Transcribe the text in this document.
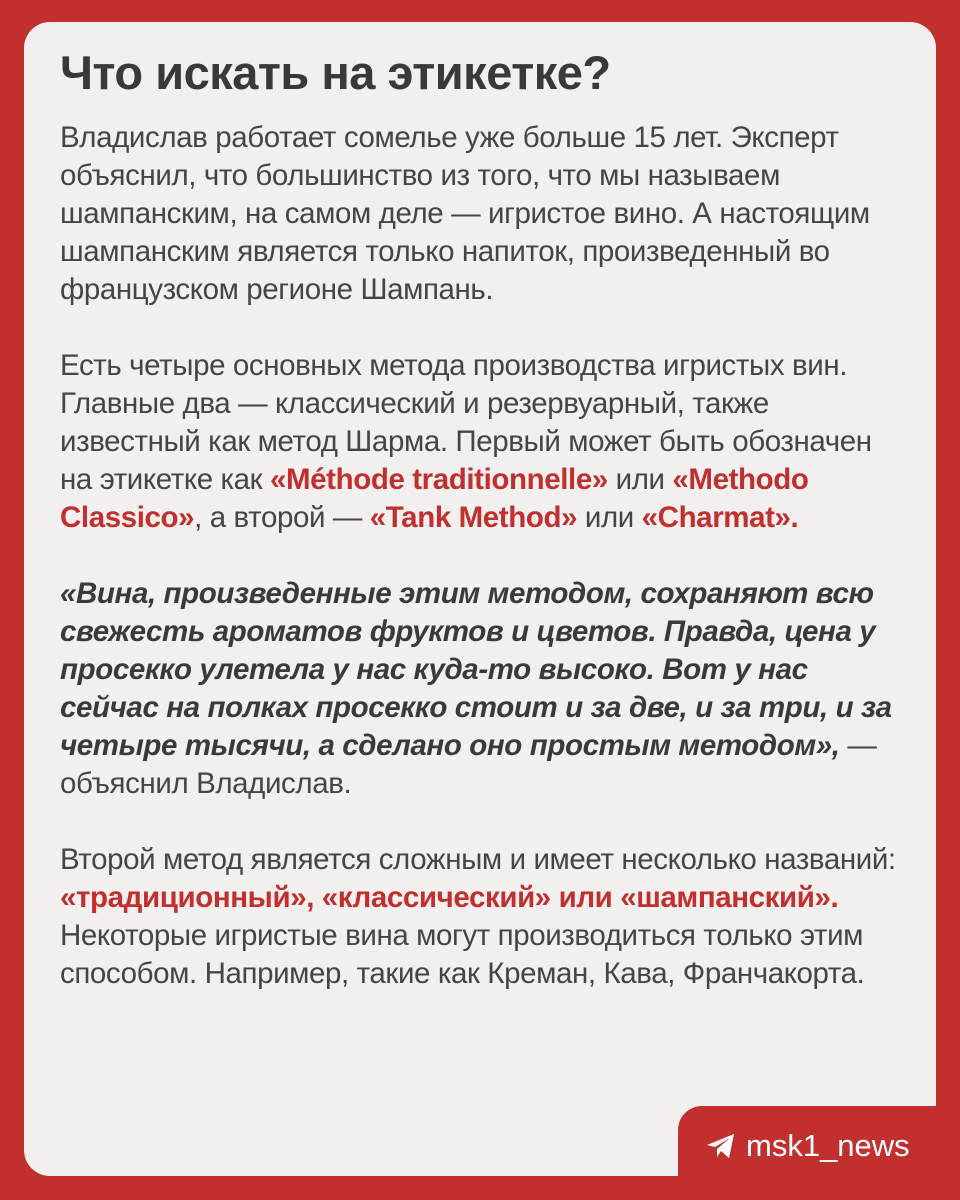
Что искать на этикетке?

Владислав работает сомелье уже больше 15 лет. Эксперт объяснил, что большинство из того, что мы называем шампанским, на самом деле — игристое вино. А настоящим шампанским является только напиток, произведенный во французском регионе Шампань.

Есть четыре основных метода производства игристых вин. Главные два — классический и резервуарный, также известный как метод Шарма. Первый может быть обозначен на этикетке как «Méthode traditionnelle» или «Methodo Classico», а второй — «Tank Method» или «Charmat».

«Вина, произведенные этим методом, сохраняют всю свежесть ароматов фруктов и цветов. Правда, цена у просекко улетела у нас куда-то высоко. Вот у нас сейчас на полках просекко стоит и за две, и за три, и за четыре тысячи, а сделано оно простым методом», — объяснил Владислав.

Второй метод является сложным и имеет несколько названий: «традиционный», «классический» или «шампанский». Некоторые игристые вина могут производиться только этим способом. Например, такие как Креман, Кава, Франчакорта.

msk1_news
